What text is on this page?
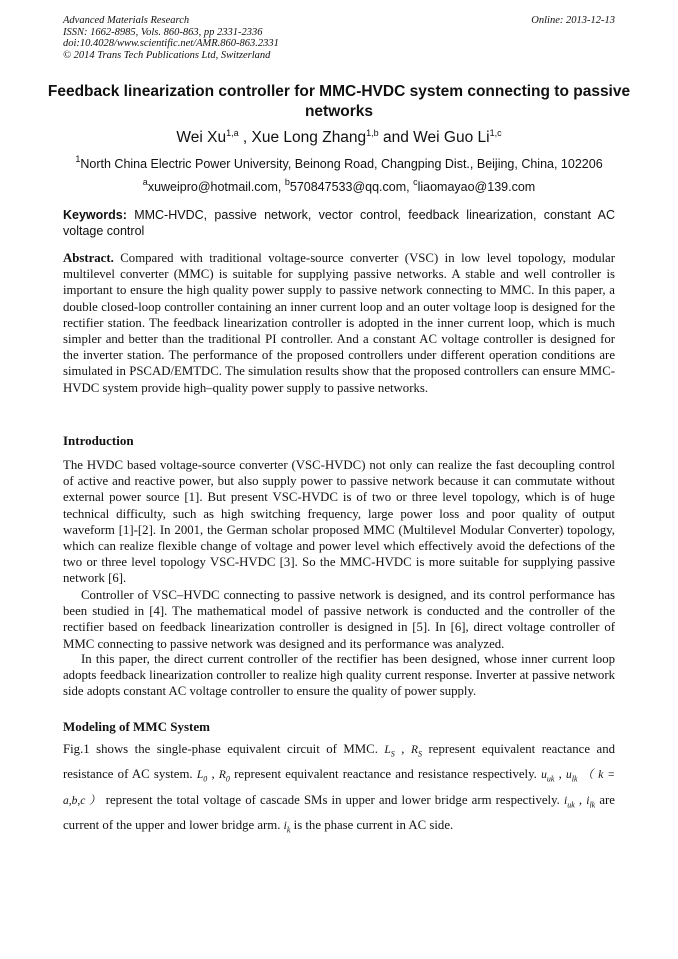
Advanced Materials Research
ISSN: 1662-8985, Vols. 860-863, pp 2331-2336
doi:10.4028/www.scientific.net/AMR.860-863.2331
© 2014 Trans Tech Publications Ltd, Switzerland
Online: 2013-12-13
Feedback linearization controller for MMC-HVDC system connecting to passive networks
Wei Xu$^{1,a}$ , Xue Long Zhang$^{1,b}$ and Wei Guo Li$^{1,c}$
$^1$North China Electric Power University, Beinong Road, Changping Dist., Beijing, China, 102206
$^a$xuweipro@hotmail.com, $^b$570847533@qq.com, $^c$liaomayao@139.com
Keywords: MMC-HVDC, passive network, vector control, feedback linearization, constant AC voltage control

Abstract. Compared with traditional voltage-source converter (VSC) in low level topology, modular multilevel converter (MMC) is suitable for supplying passive networks. A stable and well controller is important to ensure the high quality power supply to passive network connecting to MMC. In this paper, a double closed-loop controller containing an inner current loop and an outer voltage loop is designed for the rectifier station. The feedback linearization controller is adopted in the inner current loop, which is much simpler and better than the traditional PI controller. And a constant AC voltage controller is designed for the inverter station. The performance of the proposed controllers under different operation conditions are simulated in PSCAD/EMTDC. The simulation results show that the proposed controllers can ensure MMC-HVDC system provide high–quality power supply to passive networks.

Introduction

The HVDC based voltage-source converter (VSC-HVDC) not only can realize the fast decoupling control of active and reactive power, but also supply power to passive network because it can commutate without external power source [1]. But present VSC-HVDC is of two or three level topology, which is of huge technical difficulty, such as high switching frequency, large power loss and poor quality of output waveform [1]-[2]. In 2001, the German scholar proposed MMC (Multilevel Modular Converter) topology, which can realize flexible change of voltage and power level which effectively avoid the defections of the two or three level topology VSC-HVDC [3]. So the MMC-HVDC is more suitable for supplying passive network [6].

Controller of VSC–HVDC connecting to passive network is designed, and its control performance has been studied in [4]. The mathematical model of passive network is conducted and the controller of the rectifier based on feedback linearization controller is designed in [5]. In [6], direct voltage controller of MMC connecting to passive network was designed and its performance was analyzed.

In this paper, the direct current controller of the rectifier has been designed, whose inner current loop adopts feedback linearization controller to realize high quality current response. Inverter at passive network side adopts constant AC voltage controller to ensure the quality of power supply.

Modeling of MMC System

Fig.1 shows the single-phase equivalent circuit of MMC. $L_S$ , $R_S$ represent equivalent reactance and resistance of AC system. $L_0$ , $R_0$ represent equivalent reactance and resistance respectively. $u_{uk}$ , $u_{lk}$ （ k = a,b,c ） represent the total voltage of cascade SMs in upper and lower bridge arm respectively. $i_{uk}$ , $i_{lk}$ are current of the upper and lower bridge arm. $i_k$ is the phase current in AC side.
